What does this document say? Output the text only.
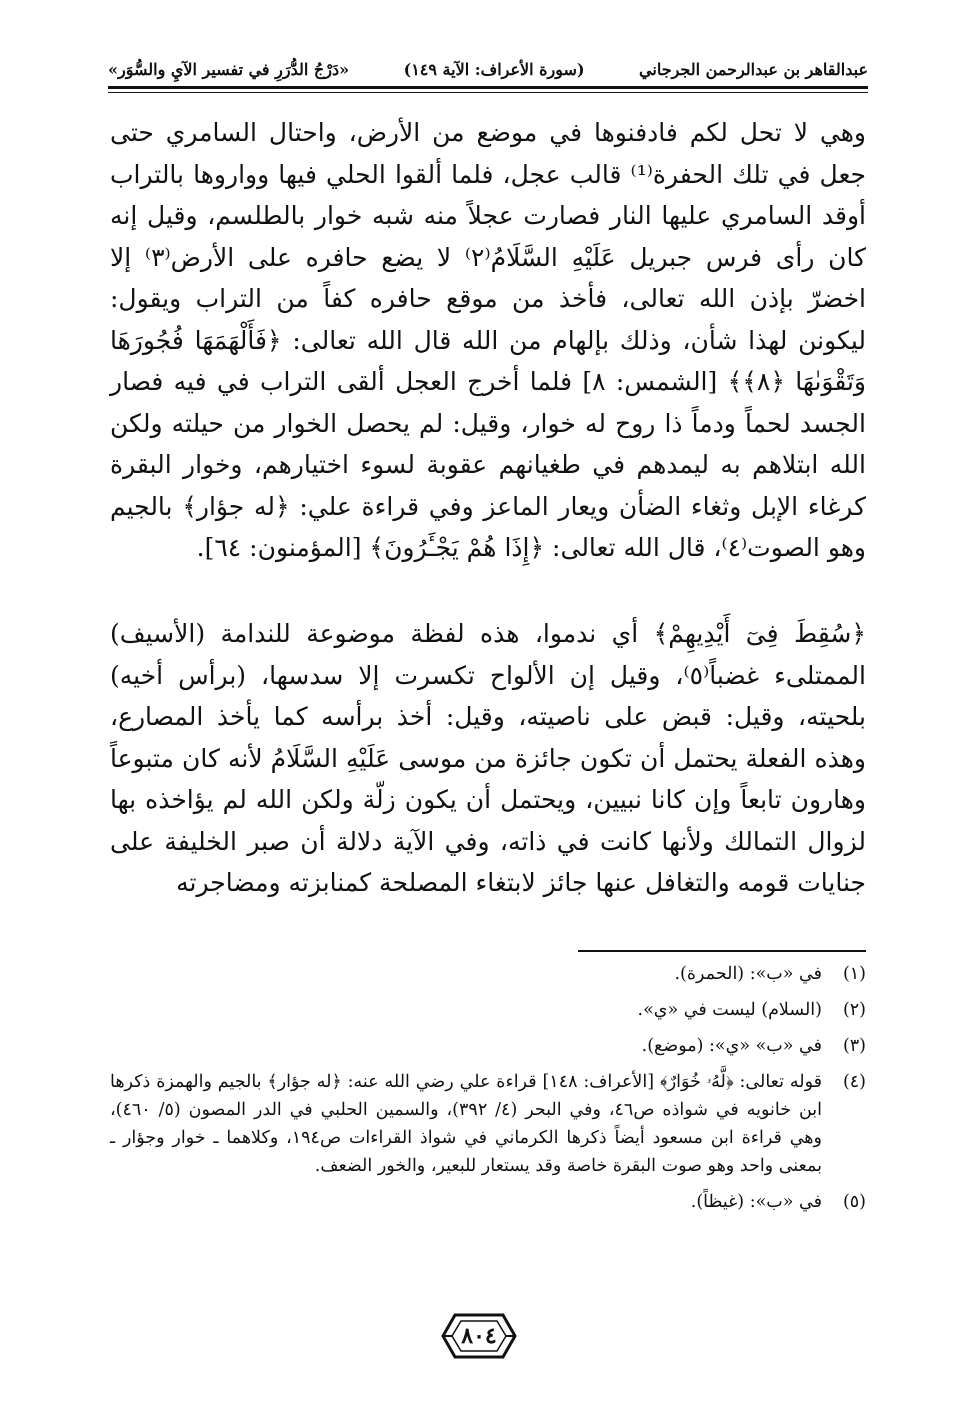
عبدالقاهر بن عبدالرحمن الجرجاني
(سورة الأعراف: الآية ١٤٩)
«دَرْجُ الدُّرَرِ في تفسير الآيِ والسُّوَر»

وهي لا تحل لكم فادفنوها في موضع من الأرض، واحتال السامري حتى جعل في تلك الحفرة⁽¹⁾ قالب عجل، فلما ألقوا الحلي فيها وواروها بالتراب أوقد السامري عليها النار فصارت عجلاً منه شبه خوار بالطلسم، وقيل إنه كان رأى فرس جبريل عَلَيْهِ السَّلَامُ⁽٢⁾ لا يضع حافره على الأرض⁽٣⁾ إلا اخضرّ بإذن الله تعالى، فأخذ من موقع حافره كفاً من التراب ويقول: ليكونن لهذا شأن، وذلك بإلهام من الله قال الله تعالى: ﴿فَأَلْهَمَهَا فُجُورَهَا وَتَقْوَىٰهَا ﴿٨﴾﴾ [الشمس: ٨] فلما أخرج العجل ألقى التراب في فيه فصار الجسد لحماً ودماً ذا روح له خوار، وقيل: لم يحصل الخوار من حيلته ولكن الله ابتلاهم به ليمدهم في طغيانهم عقوبة لسوء اختيارهم، وخوار البقرة كرغاء الإبل وثغاء الضأن ويعار الماعز وفي قراءة علي: ﴿له جؤار﴾ بالجيم وهو الصوت⁽٤⁾، قال الله تعالى: ﴿إِذَا هُمْ يَجْـَٔرُونَ﴾ [المؤمنون: ٦٤].

﴿سُقِطَ فِىٓ أَيْدِيهِمْ﴾ أي ندموا، هذه لفظة موضوعة للندامة (الأسيف) الممتلىء غضباً⁽٥⁾، وقيل إن الألواح تكسرت إلا سدسها، (برأس أخيه) بلحيته، وقيل: قبض على ناصيته، وقيل: أخذ برأسه كما يأخذ المصارع، وهذه الفعلة يحتمل أن تكون جائزة من موسى عَلَيْهِ السَّلَامُ لأنه كان متبوعاً وهارون تابعاً وإن كانا نبيين، ويحتمل أن يكون زلّة ولكن الله لم يؤاخذه بها لزوال التمالك ولأنها كانت في ذاته، وفي الآية دلالة أن صبر الخليفة على جنايات قومه والتغافل عنها جائز لابتغاء المصلحة كمنابزته ومضاجرته

(١)
في «ب»: (الحمرة).
(٢)
(السلام) ليست في «ي».
(٣)
في «ب» «ي»: (موضع).
(٤)
قوله تعالى: ﴿لَّهُۥ خُوَارٌ﴾ [الأعراف: ١٤٨] قراءة علي رضي الله عنه: ﴿له جؤار﴾ بالجيم والهمزة ذكرها ابن خانويه في شواذه ص٤٦، وفي البحر (٤/ ٣٩٢)، والسمين الحلبي في الدر المصون (٥/ ٤٦٠)، وهي قراءة ابن مسعود أيضاً ذكرها الكرماني في شواذ القراءات ص١٩٤، وكلاهما ـ خوار وجؤار ـ بمعنى واحد وهو صوت البقرة خاصة وقد يستعار للبعير، والخور الضعف.
(٥)
في «ب»: (غيظاً).
٨٠٤
